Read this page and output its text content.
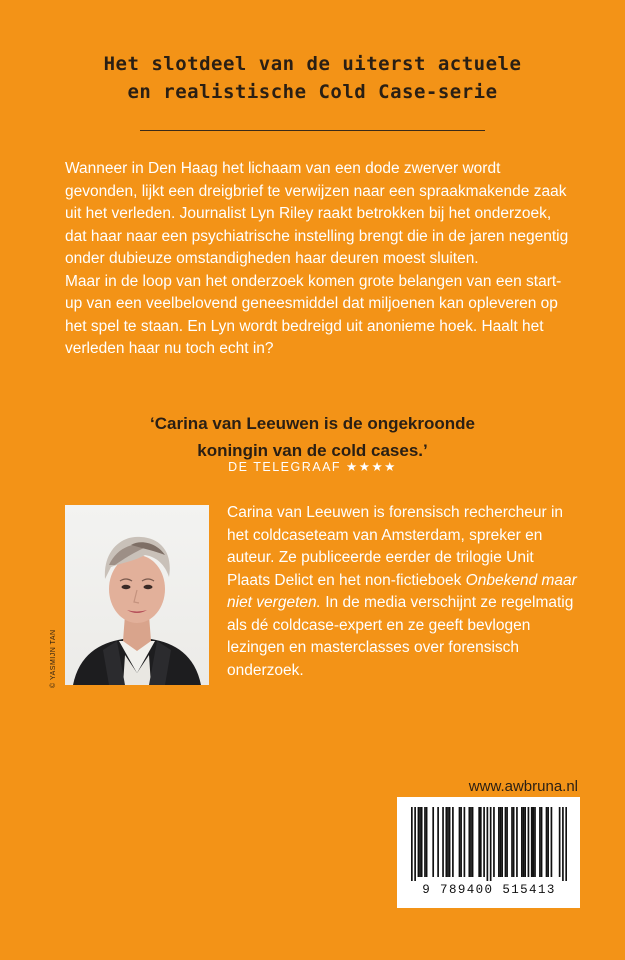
Het slotdeel van de uiterst actuele
en realistische Cold Case-serie

Wanneer in Den Haag het lichaam van een dode zwerver wordt gevonden, lijkt een dreigbrief te verwijzen naar een spraakmakende zaak uit het verleden. Journalist Lyn Riley raakt betrokken bij het onderzoek, dat haar naar een psychiatrische instelling brengt die in de jaren negentig onder dubieuze omstandigheden haar deuren moest sluiten.

Maar in de loop van het onderzoek komen grote belangen van een start-up van een veelbelovend geneesmiddel dat miljoenen kan opleveren op het spel te staan. En Lyn wordt bedreigd uit anonieme hoek. Haalt het verleden haar nu toch echt in?

‘Carina van Leeuwen is de ongekroonde
koningin van de cold cases.’
DE TELEGRAAF ★★★★
© YASMIJN TAN
Carina van Leeuwen is forensisch rechercheur in het coldcaseteam van Amsterdam, spreker en auteur. Ze publiceerde eerder de trilogie Unit Plaats Delict en het non-fictieboek Onbekend maar niet vergeten. In de media verschijnt ze regelmatig als dé coldcase-expert en ze geeft bevlogen lezingen en masterclasses over forensisch onderzoek.
www.awbruna.nl
9 789400 515413
